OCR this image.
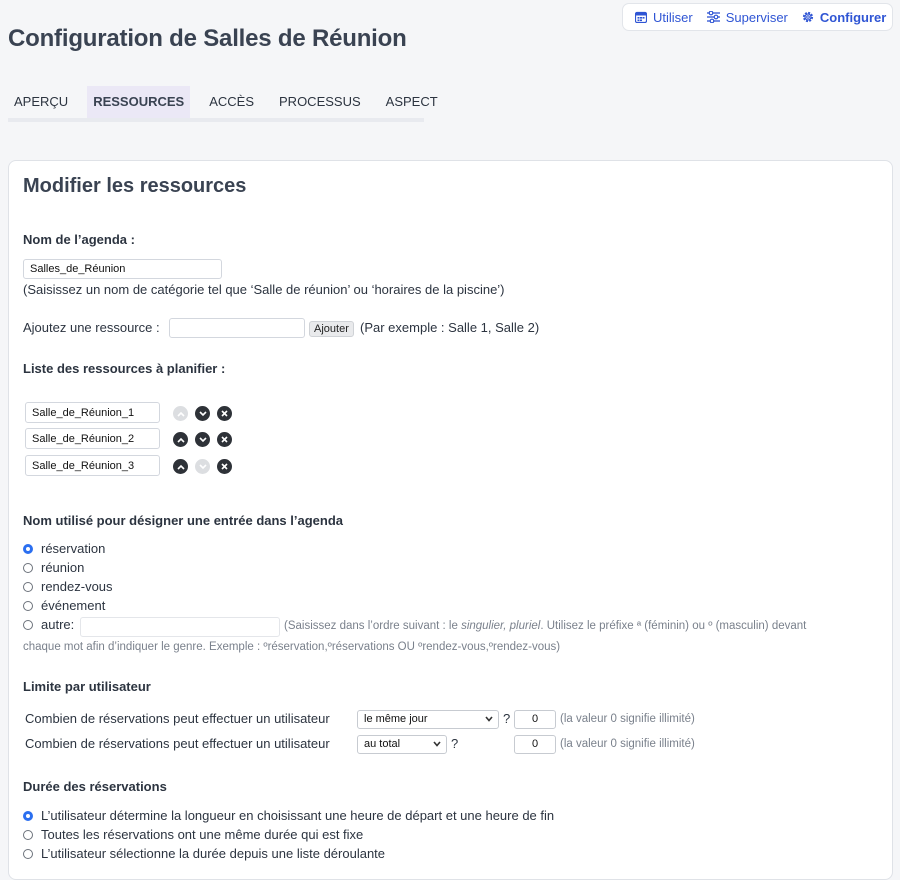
Utiliser	Superviser Configurer
Configuration de Salles de Réunion
APERÇU	RESSOURCES	ACCÈS	PROCESSUS	ASPECT
Modifier les ressources
Nom de l’agenda :
Salles_de_Réunion
(Saisissez un nom de catégorie tel que ‘Salle de réunion’ ou ‘horaires de la piscine’)
Ajoutez une ressource :	Ajouter (Par exemple : Salle 1, Salle 2)
Liste des ressources à planifier :
Salle_de_Réunion_1
Salle_de_Réunion_2
Salle_de_Réunion_3
Nom utilisé pour désigner une entrée dans l’agenda
réservation
réunion
rendez-vous
événement
autre:	(Saisissez dans l’ordre suivant : le singulier, pluriel. Utilisez le préfixe ª (féminin) ou º (masculin) devant
chaque mot afin d’indiquer le genre. Exemple : ºréservation,ºréservations OU ºrendez-vous,ºrendez-vous)
Limite par utilisateur
Combien de réservations peut effectuer un utilisateur	le même jour	?	0	(la valeur 0 signifie illimité)
Combien de réservations peut effectuer un utilisateur	au total	?	0	(la valeur 0 signifie illimité)
Durée des réservations
L’utilisateur détermine la longueur en choisissant une heure de départ et une heure de fin
Toutes les réservations ont une même durée qui est fixe
L’utilisateur sélectionne la durée depuis une liste déroulante
